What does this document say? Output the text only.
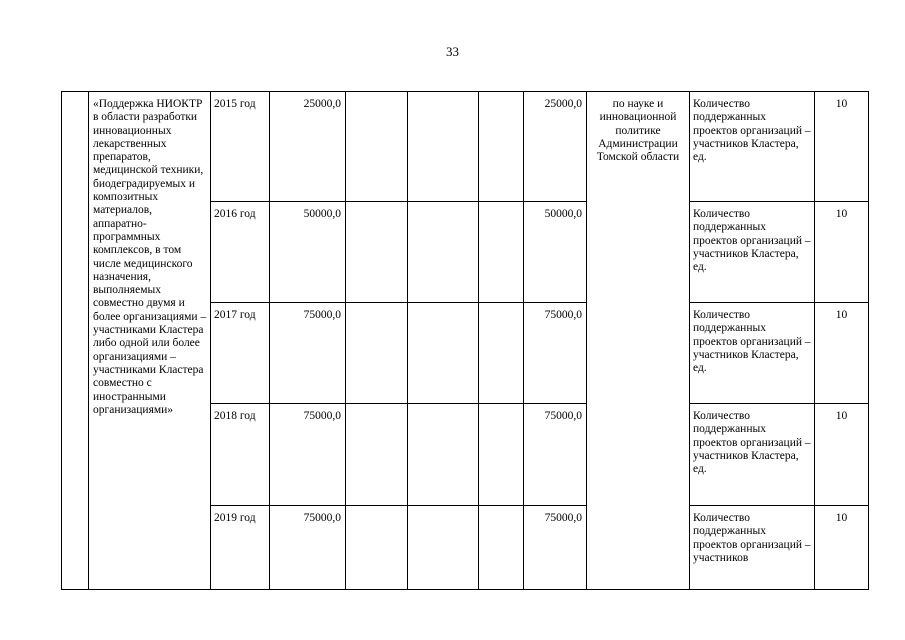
33
	«Поддержка НИОКТР в области разработки инновационных лекарственных препаратов, медицинской техники, биодеградируемых и композитных материалов, аппаратно-программных комплексов, в том числе медицинского назначения, выполняемых совместно двумя и более организациями – участниками Кластера либо одной или более организациями – участниками Кластера совместно с иностранными организациями»	2015 год	25000,0				25000,0	по науке и инновационной политике Администрации Томской области	Количество поддержанных проектов организаций – участников Кластера, ед.	10
		2016 год	50000,0				50000,0		Количество поддержанных проектов организаций – участников Кластера, ед.	10
		2017 год	75000,0				75000,0		Количество поддержанных проектов организаций – участников Кластера, ед.	10
		2018 год	75000,0				75000,0		Количество поддержанных проектов организаций – участников Кластера, ед.	10
		2019 год	75000,0				75000,0		Количество поддержанных проектов организаций – участников	10
